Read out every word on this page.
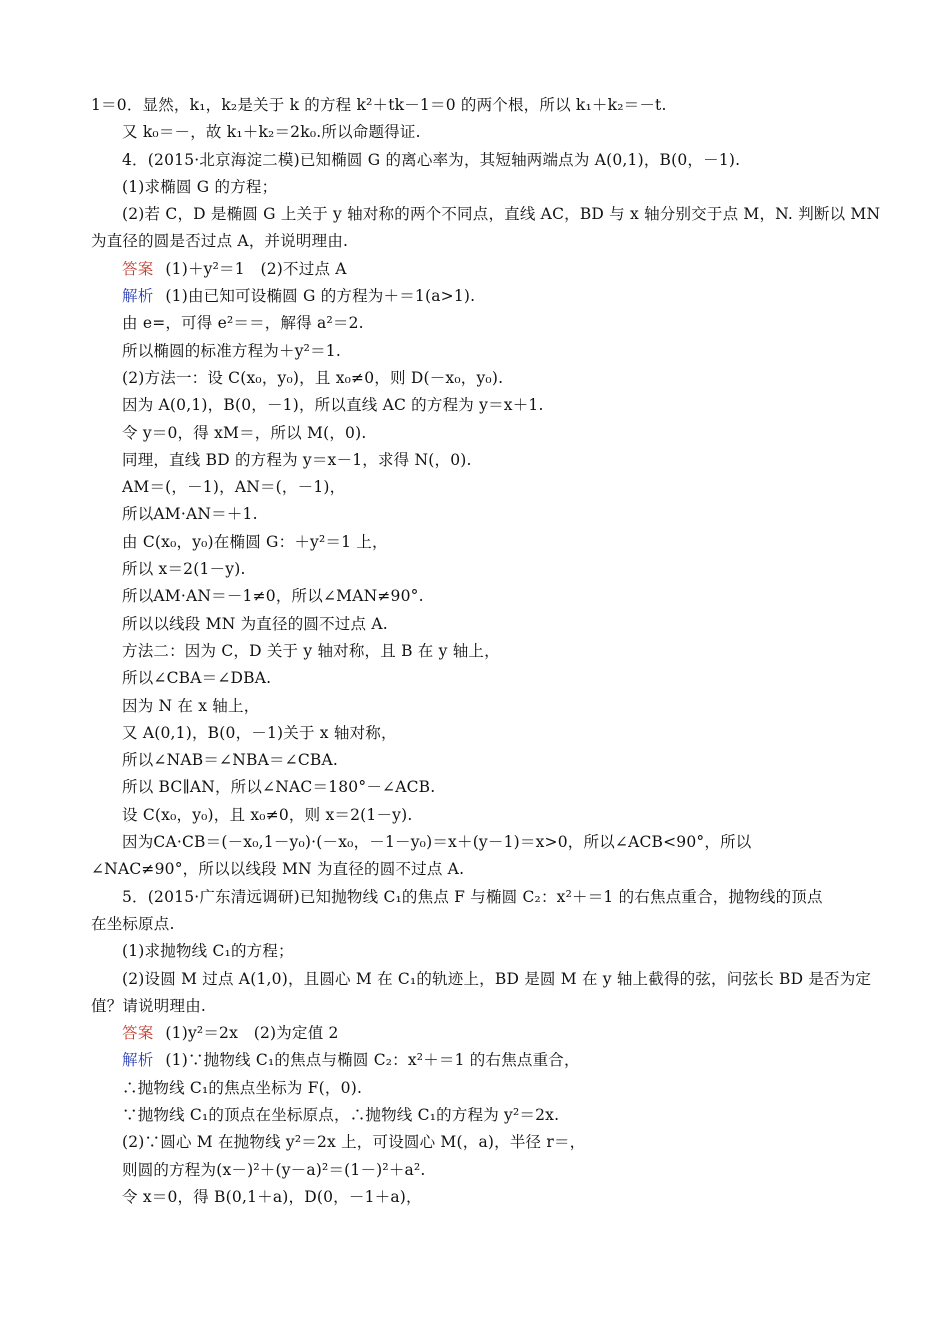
1＝0．显然，k₁，k₂是关于 k 的方程 k²＋tk－1＝0 的两个根，所以 k₁＋k₂＝－t.
又 k₀＝－，故 k₁＋k₂＝2k₀.所以命题得证.
4．(2015·北京海淀二模)已知椭圆 G 的离心率为，其短轴两端点为 A(0,1)，B(0，－1).
(1)求椭圆 G 的方程；
(2)若 C，D 是椭圆 G 上关于 y 轴对称的两个不同点，直线 AC，BD 与 x 轴分别交于点 M，N. 判断以 MN
为直径的圆是否过点 A，并说明理由.
答案 (1)＋y²＝1　(2)不过点 A
解析 (1)由已知可设椭圆 G 的方程为＋＝1(a>1).
由 e=，可得 e²＝＝，解得 a²＝2.
所以椭圆的标准方程为＋y²＝1.
(2)方法一：设 C(x₀，y₀)，且 x₀≠0，则 D(－x₀，y₀).
因为 A(0,1)，B(0，－1)，所以直线 AC 的方程为 y＝x＋1.
令 y＝0，得 xM＝，所以 M(，0).
同理，直线 BD 的方程为 y＝x－1，求得 N(，0).
AM＝(，－1)，AN＝(，－1)，
所以AM·AN＝＋1.
由 C(x₀，y₀)在椭圆 G：＋y²＝1 上，
所以 x＝2(1－y).
所以AM·AN＝－1≠0，所以∠MAN≠90°.
所以以线段 MN 为直径的圆不过点 A.
方法二：因为 C，D 关于 y 轴对称，且 B 在 y 轴上，
所以∠CBA＝∠DBA.
因为 N 在 x 轴上，
又 A(0,1)，B(0，－1)关于 x 轴对称，
所以∠NAB＝∠NBA＝∠CBA.
所以 BC∥AN，所以∠NAC＝180°－∠ACB.
设 C(x₀，y₀)，且 x₀≠0，则 x＝2(1－y).
因为CA·CB＝(－x₀,1－y₀)·(－x₀，－1－y₀)＝x＋(y－1)＝x>0，所以∠ACB<90°，所以
∠NAC≠90°，所以以线段 MN 为直径的圆不过点 A.
5．(2015·广东清远调研)已知抛物线 C₁的焦点 F 与椭圆 C₂：x²＋＝1 的右焦点重合，抛物线的顶点
在坐标原点.
(1)求抛物线 C₁的方程；
(2)设圆 M 过点 A(1,0)，且圆心 M 在 C₁的轨迹上，BD 是圆 M 在 y 轴上截得的弦，问弦长 BD 是否为定
值？请说明理由.
答案 (1)y²＝2x　(2)为定值 2
解析 (1)∵抛物线 C₁的焦点与椭圆 C₂：x²＋＝1 的右焦点重合，
∴抛物线 C₁的焦点坐标为 F(，0).
∵抛物线 C₁的顶点在坐标原点，∴抛物线 C₁的方程为 y²＝2x.
(2)∵圆心 M 在抛物线 y²＝2x 上，可设圆心 M(，a)，半径 r＝，
则圆的方程为(x－)²＋(y－a)²＝(1－)²＋a².
令 x＝0，得 B(0,1＋a)，D(0，－1＋a)，
